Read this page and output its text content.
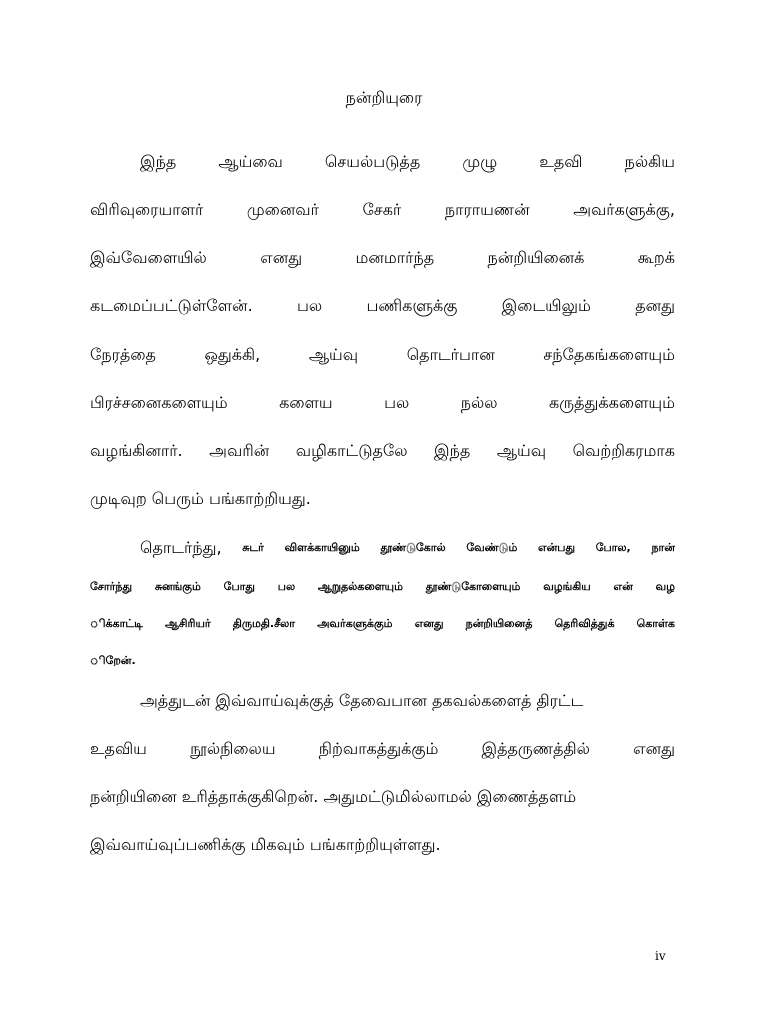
நன்றியுரை
இந்த	ஆய்வை	செயல்படுத்த	முழு	உதவி	நல்கிய
விரிவுரையாளர்	முனைவர்	சேகர்	நாராயணன்	அவர்களுக்கு,
இவ்வேளையில்	எனது	மனமார்ந்த	நன்றியினைக்	கூறக்
கடமைப்பட்டுள்ளேன்.	பல	பணிகளுக்கு	இடையிலும்	தனது
நேரத்தை	ஒதுக்கி,	ஆய்வு	தொடர்பான	சந்தேகங்களையும்
பிரச்சனைகளையும்	களைய	பல	நல்ல	கருத்துக்களையும்
வழங்கினார். அவரின் வழிகாட்டுதலே இந்த ஆய்வு வெற்றிகரமாக
முடிவுற பெரும் பங்காற்றியது.
தொடர்ந்து, சுடர் விளக்காயினும் தூண்டுகோல் வேண்டும் என்பது போல, நான்
சோர்ந்து சுனங்கும் போது பல ஆறுதல்களையும் தூண்டுகோளையும் வழங்கிய என் வழ
ிக்காட்டி ஆசிரியர் திருமதி.சீலா அவர்களுக்கும் எனது நன்றியினைத் தெரிவித்துக் கொள்க
ிறேன்.
அத்துடன் இவ்வாய்வுக்குத் தேவைபான தகவல்களைத் திரட்ட
உதவிய	நூல்நிலைய	நிற்வாகத்துக்கும்	இத்தருணத்தில்	எனது
நன்றியினை உரித்தாக்குகிறென். அதுமட்டுமில்லாமல் இணைத்தளம்
இவ்வாய்வுப்பணிக்கு மிகவும் பங்காற்றியுள்ளது.
iv
